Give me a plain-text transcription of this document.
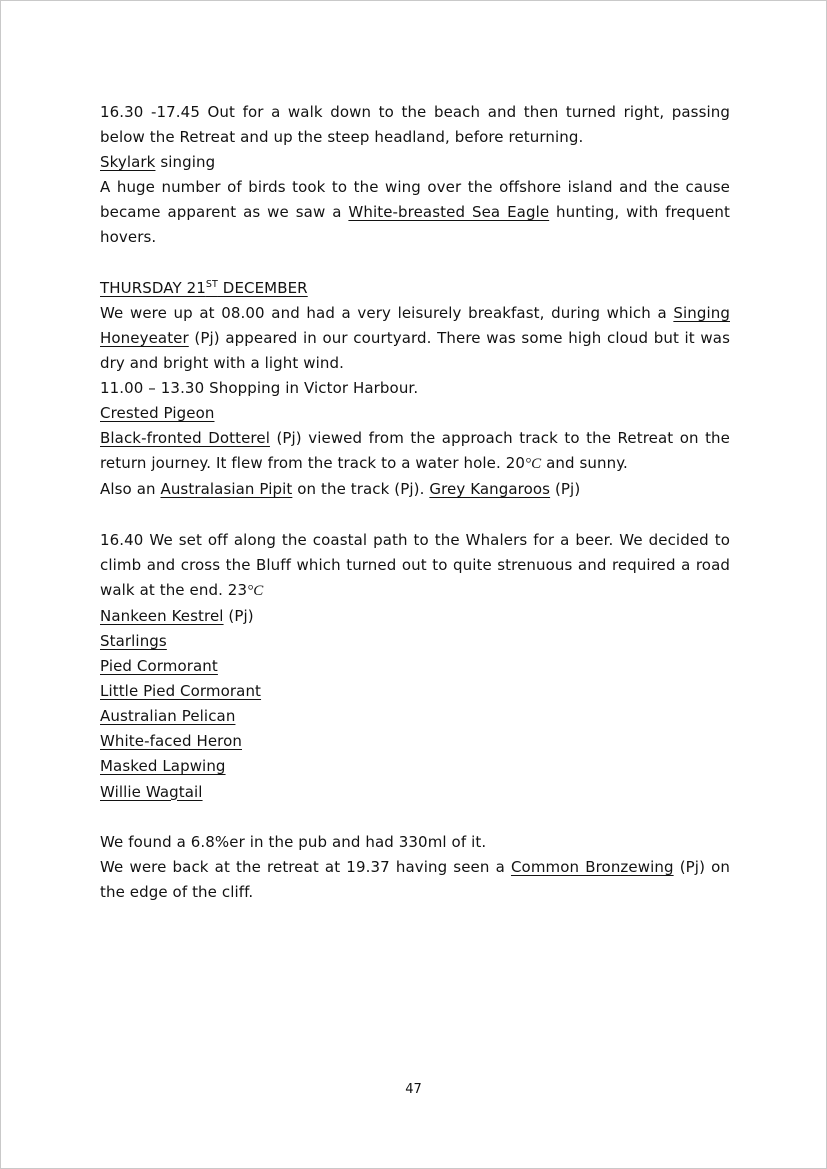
16.30 -17.45 Out for a walk down to the beach and then turned right, passing below the Retreat and up the steep headland, before returning.

Skylark singing

A huge number of birds took to the wing over the offshore island and the cause became apparent as we saw a White-breasted Sea Eagle hunting, with frequent hovers.

THURSDAY 21ST DECEMBER

We were up at 08.00 and had a very leisurely breakfast, during which a Singing Honeyeater (Pj) appeared in our courtyard. There was some high cloud but it was dry and bright with a light wind.

11.00 – 13.30 Shopping in Victor Harbour.

Crested Pigeon

Black-fronted Dotterel (Pj) viewed from the approach track to the Retreat on the return journey. It flew from the track to a water hole. 20°C and sunny.

Also an Australasian Pipit on the track (Pj). Grey Kangaroos (Pj)

16.40 We set off along the coastal path to the Whalers for a beer. We decided to climb and cross the Bluff which turned out to quite strenuous and required a road walk at the end. 23°C

Nankeen Kestrel (Pj)

Starlings

Pied Cormorant

Little Pied Cormorant

Australian Pelican

White-faced Heron

Masked Lapwing

Willie Wagtail

We found a 6.8%er in the pub and had 330ml of it.

We were back at the retreat at 19.37 having seen a Common Bronzewing (Pj) on the edge of the cliff.

47
